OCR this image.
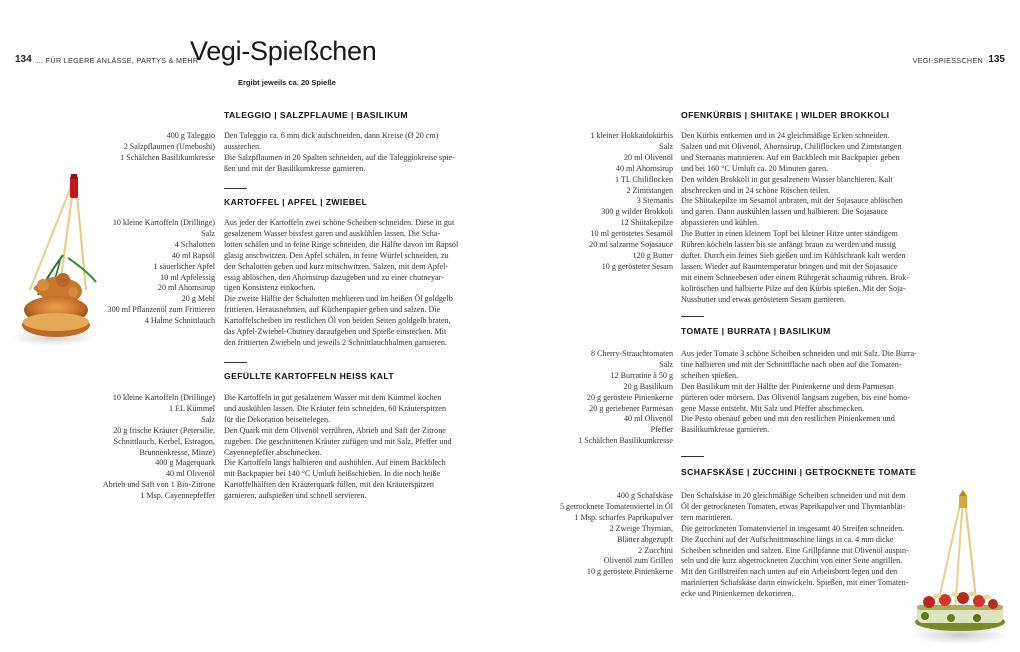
134 … FÜR LEGERE ANLÄSSE, PARTYS & MEHR	VEGI-SPIESSCHEN 135
Vegi-Spießchen
Ergibt jeweils ca. 20 Spieße
TALEGGIO | SALZPFLAUME | BASILIKUM
400 g Taleggio
2 Salzpflaumen (Umeboshi)
1 Schälchen Basilikumkresse
Den Taleggio ca. 6 mm dick aufschneiden, dann Kreise (Ø 20 cm)
ausstechen.
Die Salzpflaumen in 20 Spalten schneiden, auf die Taleggiokreise spie-
ßen und mit der Basilikumkresse garnieren.
KARTOFFEL | APFEL | ZWIEBEL
10 kleine Kartoffeln (Drillinge)
Salz
4 Schalotten
40 ml Rapsöl
1 säuerlicher Apfel
10 ml Apfelessig
20 ml Ahornsirup
20 g Mehl
300 ml Pflanzenöl zum Frittieren
4 Halme Schnittlauch
Aus jeder der Kartoffeln zwei schöne Scheiben schneiden. Diese in gut
gesalzenem Wasser bissfest garen und auskühlen lassen. Die Scha-
lotten schälen und in feine Ringe schneiden, die Hälfte davon im Rapsöl
glasig anschwitzen. Den Apfel schälen, in feine Würfel schneiden, zu
den Schalotten geben und kurz mitschwitzen. Salzen, mit dem Apfel-
essig ablöschen, den Ahornsirup dazugeben und zu einer chutneyar-
tigen Konsistenz einkochen.
Die zweite Hälfte der Schalotten mehlieren und im heißen Öl goldgelb
frittieren. Herausnehmen, auf Küchenpapier geben und salzen. Die
Kartoffelscheiben im restlichen Öl von beiden Seiten goldgelb braten,
das Apfel-Zwiebel-Chutney daraufgeben und Spieße einstecken. Mit
den frittierten Zwiebeln und jeweils 2 Schnittlauchhalmen garnieren.
GEFÜLLTE KARTOFFELN HEISS KALT
10 kleine Kartoffeln (Drillinge)
1 EL Kümmel
Salz
20 g frische Kräuter (Petersilie,
Schnittlauch, Kerbel, Estragon,
Brunnenkresse, Minze)
400 g Magerquark
40 ml Olivenöl
Abrieb und Saft von 1 Bio-Zitrone
1 Msp. Cayennepfeffer
Die Kartoffeln in gut gesalzenem Wasser mit dem Kümmel kochen
und auskühlen lassen. Die Kräuter fein schneiden, 60 Kräuterspitzen
für die Dekoration beiseitelegen.
Den Quark mit dem Olivenöl verrühren, Abrieb und Saft der Zitrone
zugeben. Die geschnittenen Kräuter zufügen und mit Salz, Pfeffer und
Cayennepfeffer abschmecken.
Die Kartoffeln längs halbieren und aushöhlen. Auf einem Backblech
mit Backpapier bei 140 °C Umluft heißschieben. In die noch heiße
Kartoffelhälften den Kräuterquark füllen, mit den Kräuterspitzen
garnieren, aufspießen und schnell servieren.
OFENKÜRBIS | SHIITAKE | WILDER BROKKOLI
1 kleiner Hokkaidokürbis
Salz
20 ml Olivenöl
40 ml Ahornsirup
1 TL Chiliflocken
2 Zimtstangen
3 Sternanis
300 g wilder Brokkoli
12 Shiitakepilze
10 ml geröstetes Sesamöl
20 ml salzarme Sojasauce
120 g Butter
10 g gerösteter Sesam
Den Kürbis entkernen und in 24 gleichmäßige Ecken schneiden.
Salzen und mit Olivenöl, Ahornsirup, Chiliflocken und Zimtstangen
und Sternanis marinieren. Auf ein Backblech mit Backpapier geben
und bei 160 °C Umluft ca. 20 Minuten garen.
Den wilden Brokkoli in gut gesalzenem Wasser blanchieren. Kalt
abschrecken und in 24 schöne Röschen teilen.
Die Shiitakepilze im Sesamöl anbraten, mit der Sojasauce ablöschen
und garen. Dann auskühlen lassen und halbieren. Die Sojasauce
abpassieren und kühlen.
Die Butter in einen kleinem Topf bei kleiner Hitze unter ständigem
Rühren köcheln lassen bis sie anfängt braun zu werden und nussig
duftet. Durch ein feines Sieb gießen und im Kühlschrank kalt werden
lassen. Wieder auf Raumtemperatur bringen und mit der Sojasauce
mit einem Schneebesen oder einem Rührgerät schaumig rühren. Brok-
koliröschen und halbierte Pilze auf den Kürbis spießen. Mit der Soja-
Nussbutter und etwas geröstetem Sesam garnieren.
TOMATE | BURRATA | BASILIKUM
8 Cherry-Strauchtomaten
Salz
12 Burratine à 50 g
20 g Basilikum
20 g geröstete Pinienkerne
20 g geriebener Parmesan
40 ml Olivenöl
Pfeffer
1 Schälchen Basilikumkresse
Aus jeder Tomate 3 schöne Scheiben schneiden und mit Salz. Die Burra-
tine halbieren und mit der Schnittfläche nach oben auf die Tomaten-
scheiben spießen.
Den Basilikum mit der Hälfte der Pinienkerne und dem Parmesan
pürieren oder mörsern. Das Olivenöl langsam zugeben, bis eine homo-
gene Masse entsteht. Mit Salz und Pfeffer abschmecken.
Die Pesto obenauf geben und mit den restlichen Pinienkernen und
Basilikumkresse garnieren.
SCHAFSKÄSE | ZUCCHINI | GETROCKNETE TOMATE
400 g Schafskäse
5 getrocknete Tomatenviertel in Öl
1 Msp. scharfes Paprikapulver
2 Zweige Thymian,
Blätter abgezupft
2 Zucchini
Olivenöl zum Grillen
10 g geröstete Pinienkerne
Den Schafskäse in 20 gleichmäßige Scheiben schneiden und mit dem
Öl der getrockneten Tomaten, etwas Paprikapulver und Thymianblät-
tern marinieren.
Die getrockneten Tomatenviertel in insgesamt 40 Streifen schneiden.
Die Zucchini auf der Aufschnittmaschine längs in ca. 4 mm dicke
Scheiben schneiden und salzen. Eine Grillpfanne mit Olivenöl auspin-
seln und die kurz abgetrockneten Zucchini von einer Seite angrillen.
Mit den Grillstreifen nach unten auf ein Arbeitsbrett legen und den
marinierten Schafskäse darin einwickeln. Spießen, mit einer Tomaten-
ecke und Pinienkernen dekorieren.
